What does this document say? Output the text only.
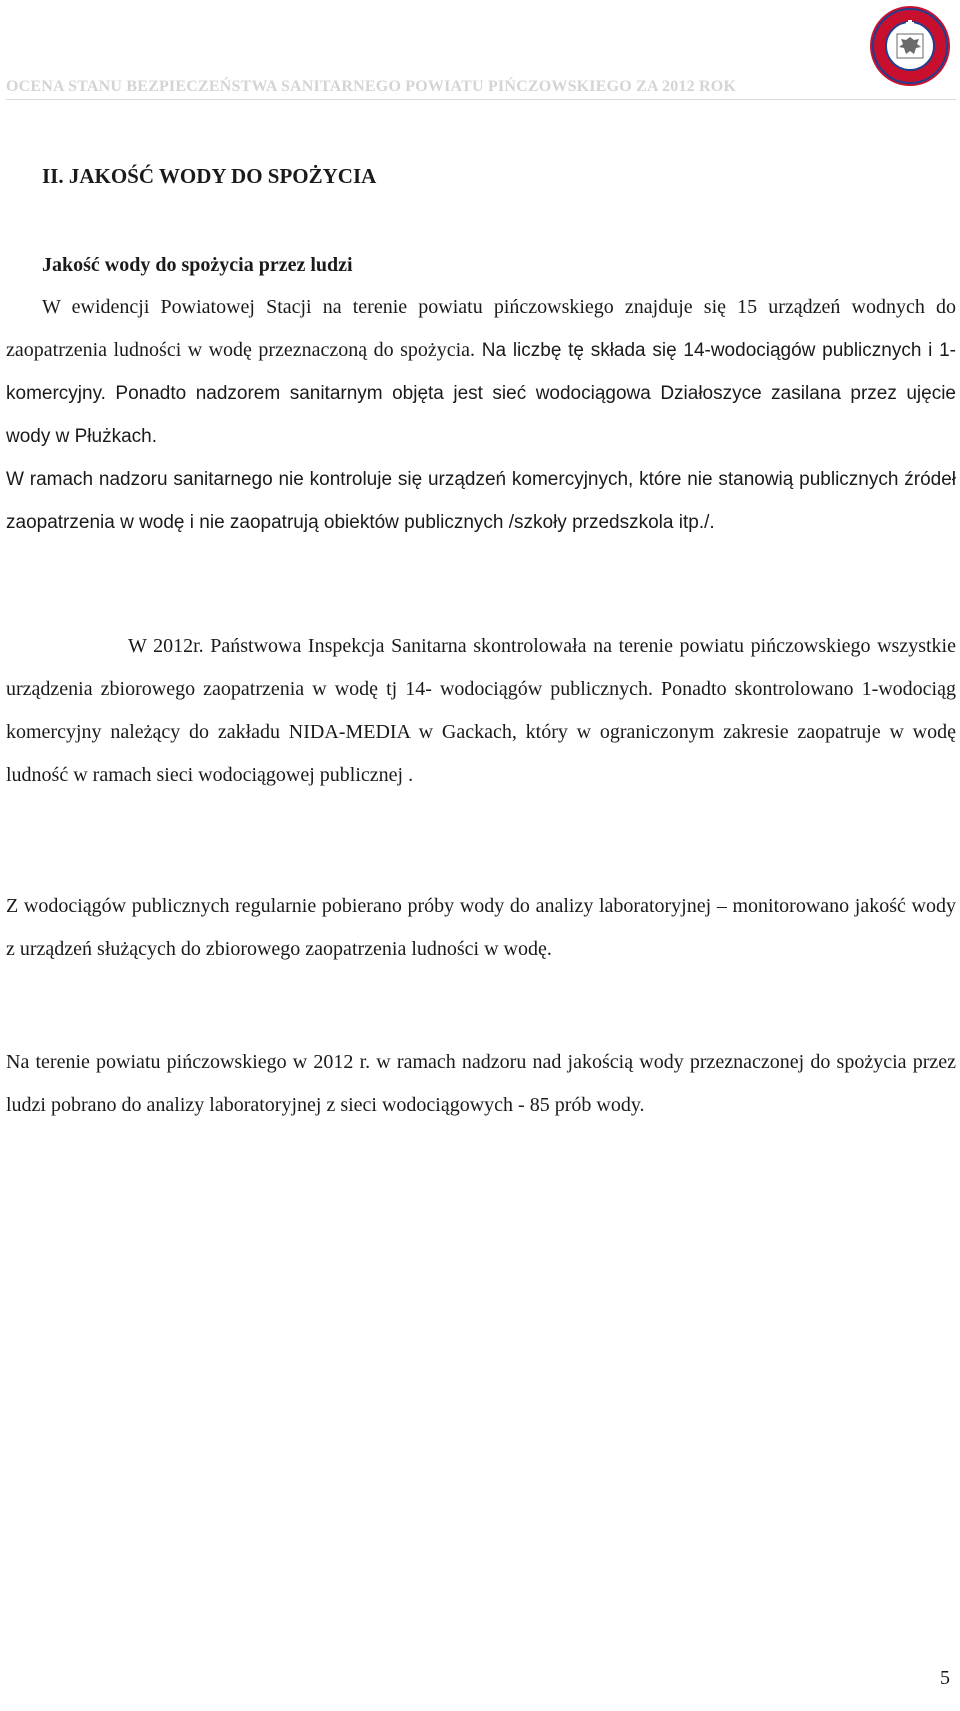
OCENA STANU BEZPIECZEŃSTWA SANITARNEGO POWIATU PIŃCZOWSKIEGO ZA 2012 ROK
II. JAKOŚĆ WODY DO SPOŻYCIA
Jakość wody do spożycia przez ludzi
W ewidencji Powiatowej Stacji na terenie powiatu pińczowskiego znajduje się 15 urządzeń wodnych do zaopatrzenia ludności w wodę przeznaczoną do spożycia. Na liczbę tę składa się 14-wodociągów publicznych i 1- komercyjny. Ponadto nadzorem sanitarnym objęta jest sieć wodociągowa Działoszyce zasilana przez ujęcie wody w Płużkach.
W ramach nadzoru sanitarnego nie kontroluje się urządzeń komercyjnych, które nie stanowią publicznych źródeł zaopatrzenia w wodę i nie zaopatrują obiektów publicznych /szkoły przedszkola itp./.
W 2012r. Państwowa Inspekcja Sanitarna skontrolowała na terenie powiatu pińczowskiego wszystkie urządzenia zbiorowego zaopatrzenia w wodę tj 14- wodociągów publicznych. Ponadto skontrolowano 1-wodociąg komercyjny należący do zakładu NIDA-MEDIA w Gackach, który w ograniczonym zakresie zaopatruje w wodę ludność w ramach sieci wodociągowej publicznej .
Z wodociągów publicznych regularnie pobierano próby wody do analizy laboratoryjnej – monitorowano jakość wody z urządzeń służących do zbiorowego zaopatrzenia ludności w wodę.
Na terenie powiatu pińczowskiego w 2012 r. w ramach nadzoru nad jakością wody przeznaczonej do spożycia przez ludzi pobrano do analizy laboratoryjnej z sieci wodociągowych - 85 prób wody.
5
